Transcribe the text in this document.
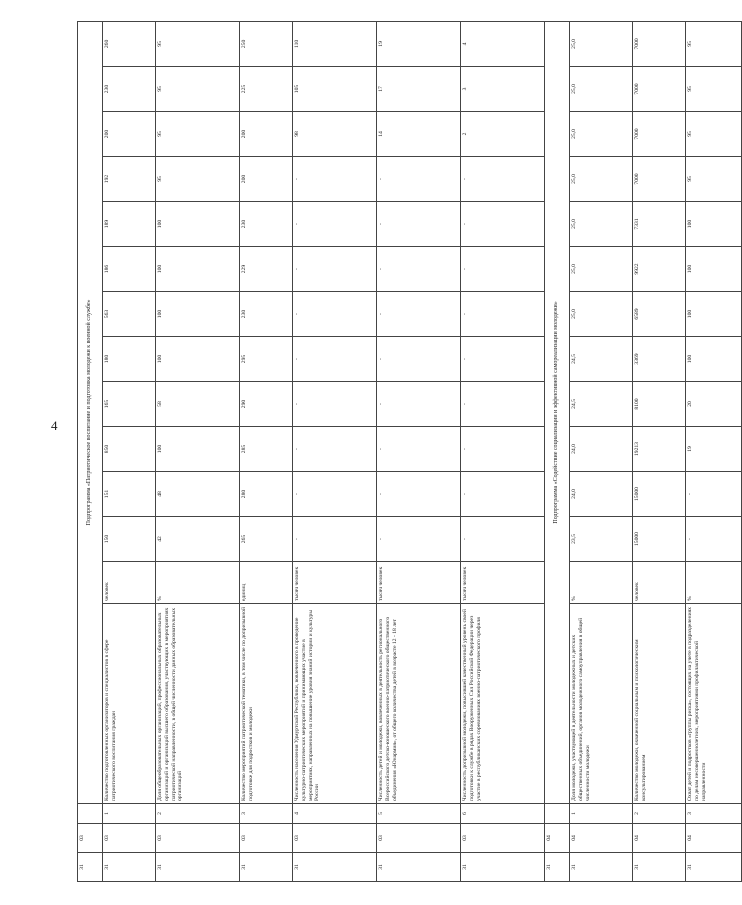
4
31	03		Подпрограмма «Патриотическое воспитание и подготовка молодежи к военной службе»													
31	03	1	Количество подготовленных организаторов и специалистов в сфере патриотического воспитания граждан	человек	150	151	850	165	180	563	186	189	192	200	230	260
31	03	2	Доля общеобразовательных организаций, профессиональных образовательных организаций и организаций высшего образования, участвующих в мероприятиях патриотической направленности, в общей численности данных образовательных организаций	%	42	48	100	58	100	100	100	100	95	95	95	95
31	03	3	Количество мероприятий патриотической тематики, в том числе по допризывной подготовке для подростков и молодежи	единиц	265	280	285	290	295	230	229	230	200	200	225	250
31	03	4	Численность населения Удмуртской Республики, вовлеченного в проведение культурно-патриотических мероприятий и принимающих участие в мероприятиях, направленных на повышение уровня знаний истории и культуры России	тысяч человек	-	-	-	-	-	-	-	-	-	98	105	110
31	03	5	Численность детей и молодежи, вовлеченных в деятельность регионального Всероссийского детско-юношеского военно-патриотического общественного объединения «Юнармия», от общего количества детей в возрасте 12 - 18 лет	тысяч человек	-	-	-	-	-	-	-	-	-	14	17	19
31	03	6	Численность допризывной молодежи, повысившей качественный уровень своей подготовки к службе в рядах Вооруженных Сил Российской Федерации через участие в республиканских соревнованиях военно-патриотического профиля	тысяч человек	-	-	-	-	-	-	-	-	-	2	3	4
31	04		Подпрограмма «Содействие социализации и эффективной самореализации молодежи»													
31	04	1	Доля молодежи, участвующей в деятельности молодежных и детских общественных объединений, органов молодежного самоуправления в общей численности молодежи	%	23,5	24,0	24,0	24,5	24,5	25,0	25,0	25,0	25,0	25,0	25,0	25,0
31	04	2	Количество молодежи, охваченной социальным и психологическим консультированием	человек	15000	15000	19213	8100	3369	6589	9922	7331	7000	7000	7000	7000
31	04	3	Охват детей и подростков «группы риска», состоящих на учете в подразделениях по делам несовершеннолетних, мероприятиями профилактической направленности	%	-	-	19	20	100	100	100	100	95	95	95	95
